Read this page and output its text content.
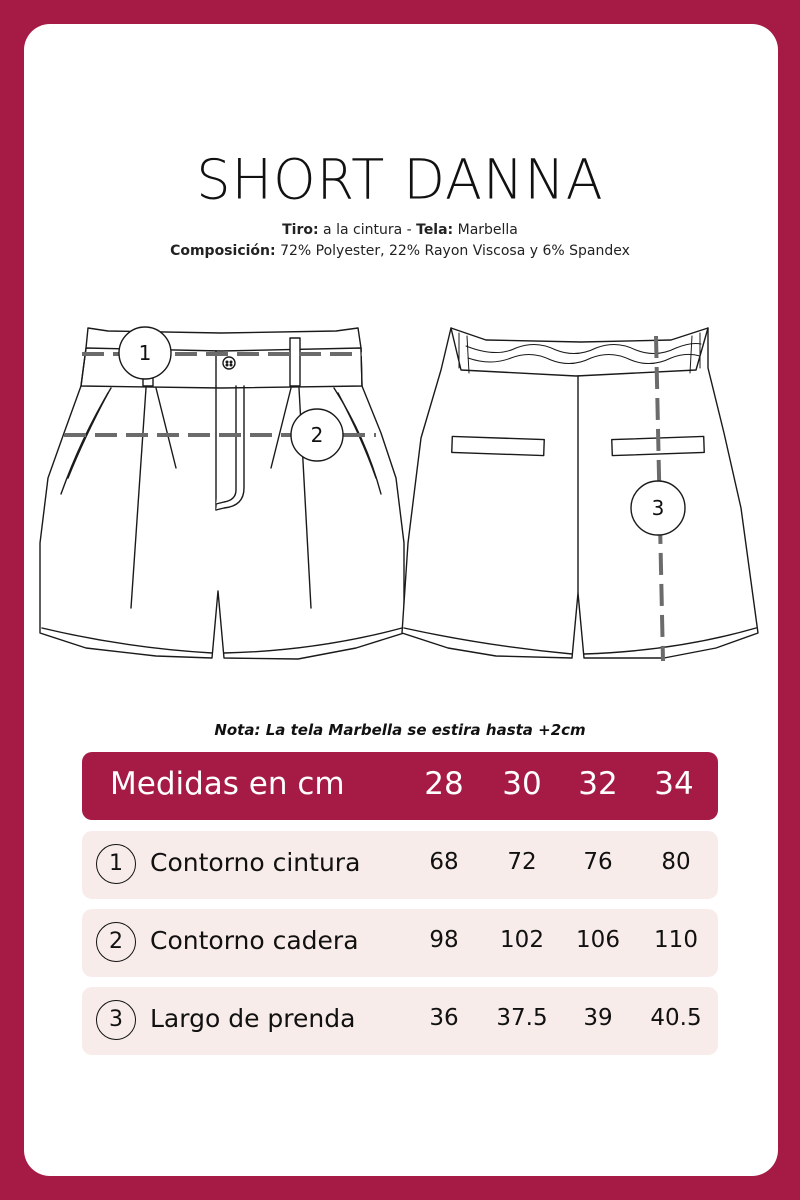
SHORT DANNA
Tiro: a la cintura - Tela: Marbella
Composición: 72% Polyester, 22% Rayon Viscosa y 6% Spandex
1
2
3
Nota: La tela Marbella se estira hasta +2cm
Medidas en cm	28	30	32	34
1	Contorno cintura	68	72	76	80
2	Contorno cadera	98	102	106	110
3	Largo de prenda	36	37.5	39	40.5
